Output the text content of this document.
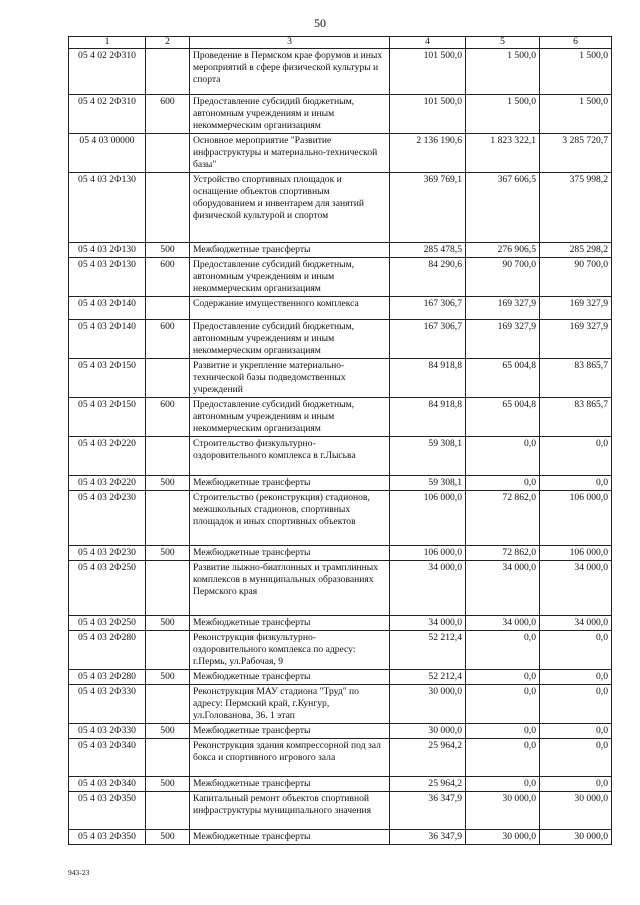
50
1	2	3	4	5	6
05 4 02 2Ф310		Проведение в Пермском крае форумов и иных мероприятий в сфере физической культуры и спорта	101 500,0	1 500,0	1 500,0
05 4 02 2Ф310	600	Предоставление субсидий бюджетным, автономным учреждениям и иным некоммерческим организациям	101 500,0	1 500,0	1 500,0
05 4 03 00000		Основное мероприятие "Развитие инфраструктуры и материально-технической базы"	2 136 190,6	1 823 322,1	3 285 720,7
05 4 03 2Ф130		Устройство спортивных площадок и оснащение объектов спортивным оборудованием и инвентарем для занятий физической культурой и спортом	369 769,1	367 606,5	375 998,2
05 4 03 2Ф130	500	Межбюджетные трансферты	285 478,5	276 906,5	285 298,2
05 4 03 2Ф130	600	Предоставление субсидий бюджетным, автономным учреждениям и иным некоммерческим организациям	84 290,6	90 700,0	90 700,0
05 4 03 2Ф140		Содержание имущественного комплекса	167 306,7	169 327,9	169 327,9
05 4 03 2Ф140	600	Предоставление субсидий бюджетным, автономным учреждениям и иным некоммерческим организациям	167 306,7	169 327,9	169 327,9
05 4 03 2Ф150		Развитие и укрепление материально-технической базы подведомственных учреждений	84 918,8	65 004,8	83 865,7
05 4 03 2Ф150	600	Предоставление субсидий бюджетным, автономным учреждениям и иным некоммерческим организациям	84 918,8	65 004,8	83 865,7
05 4 03 2Ф220		Строительство физкультурно-оздоровительного комплекса в г.Лысьва	59 308,1	0,0	0,0
05 4 03 2Ф220	500	Межбюджетные трансферты	59 308,1	0,0	0,0
05 4 03 2Ф230		Строительство (реконструкция) стадионов, межшкольных стадионов, спортивных площадок и иных спортивных объектов	106 000,0	72 862,0	106 000,0
05 4 03 2Ф230	500	Межбюджетные трансферты	106 000,0	72 862,0	106 000,0
05 4 03 2Ф250		Развитие лыжно-биатлонных и трамплинных комплексов в муниципальных образованиях Пермского края	34 000,0	34 000,0	34 000,0
05 4 03 2Ф250	500	Межбюджетные трансферты	34 000,0	34 000,0	34 000,0
05 4 03 2Ф280		Реконструкция физкультурно-оздоровительного комплекса по адресу: г.Пермь, ул.Рабочая, 9	52 212,4	0,0	0,0
05 4 03 2Ф280	500	Межбюджетные трансферты	52 212,4	0,0	0,0
05 4 03 2Ф330		Реконструкция МАУ стадиона "Труд" по адресу: Пермский край, г.Кунгур, ул.Голованова, 36. 1 этап	30 000,0	0,0	0,0
05 4 03 2Ф330	500	Межбюджетные трансферты	30 000,0	0,0	0,0
05 4 03 2Ф340		Реконструкция здания компрессорной под зал бокса и спортивного игрового зала	25 964,2	0,0	0,0
05 4 03 2Ф340	500	Межбюджетные трансферты	25 964,2	0,0	0,0
05 4 03 2Ф350		Капитальный ремонт объектов спортивной инфраструктуры муниципального значения	36 347,9	30 000,0	30 000,0
05 4 03 2Ф350	500	Межбюджетные трансферты	36 347,9	30 000,0	30 000,0
943-23
